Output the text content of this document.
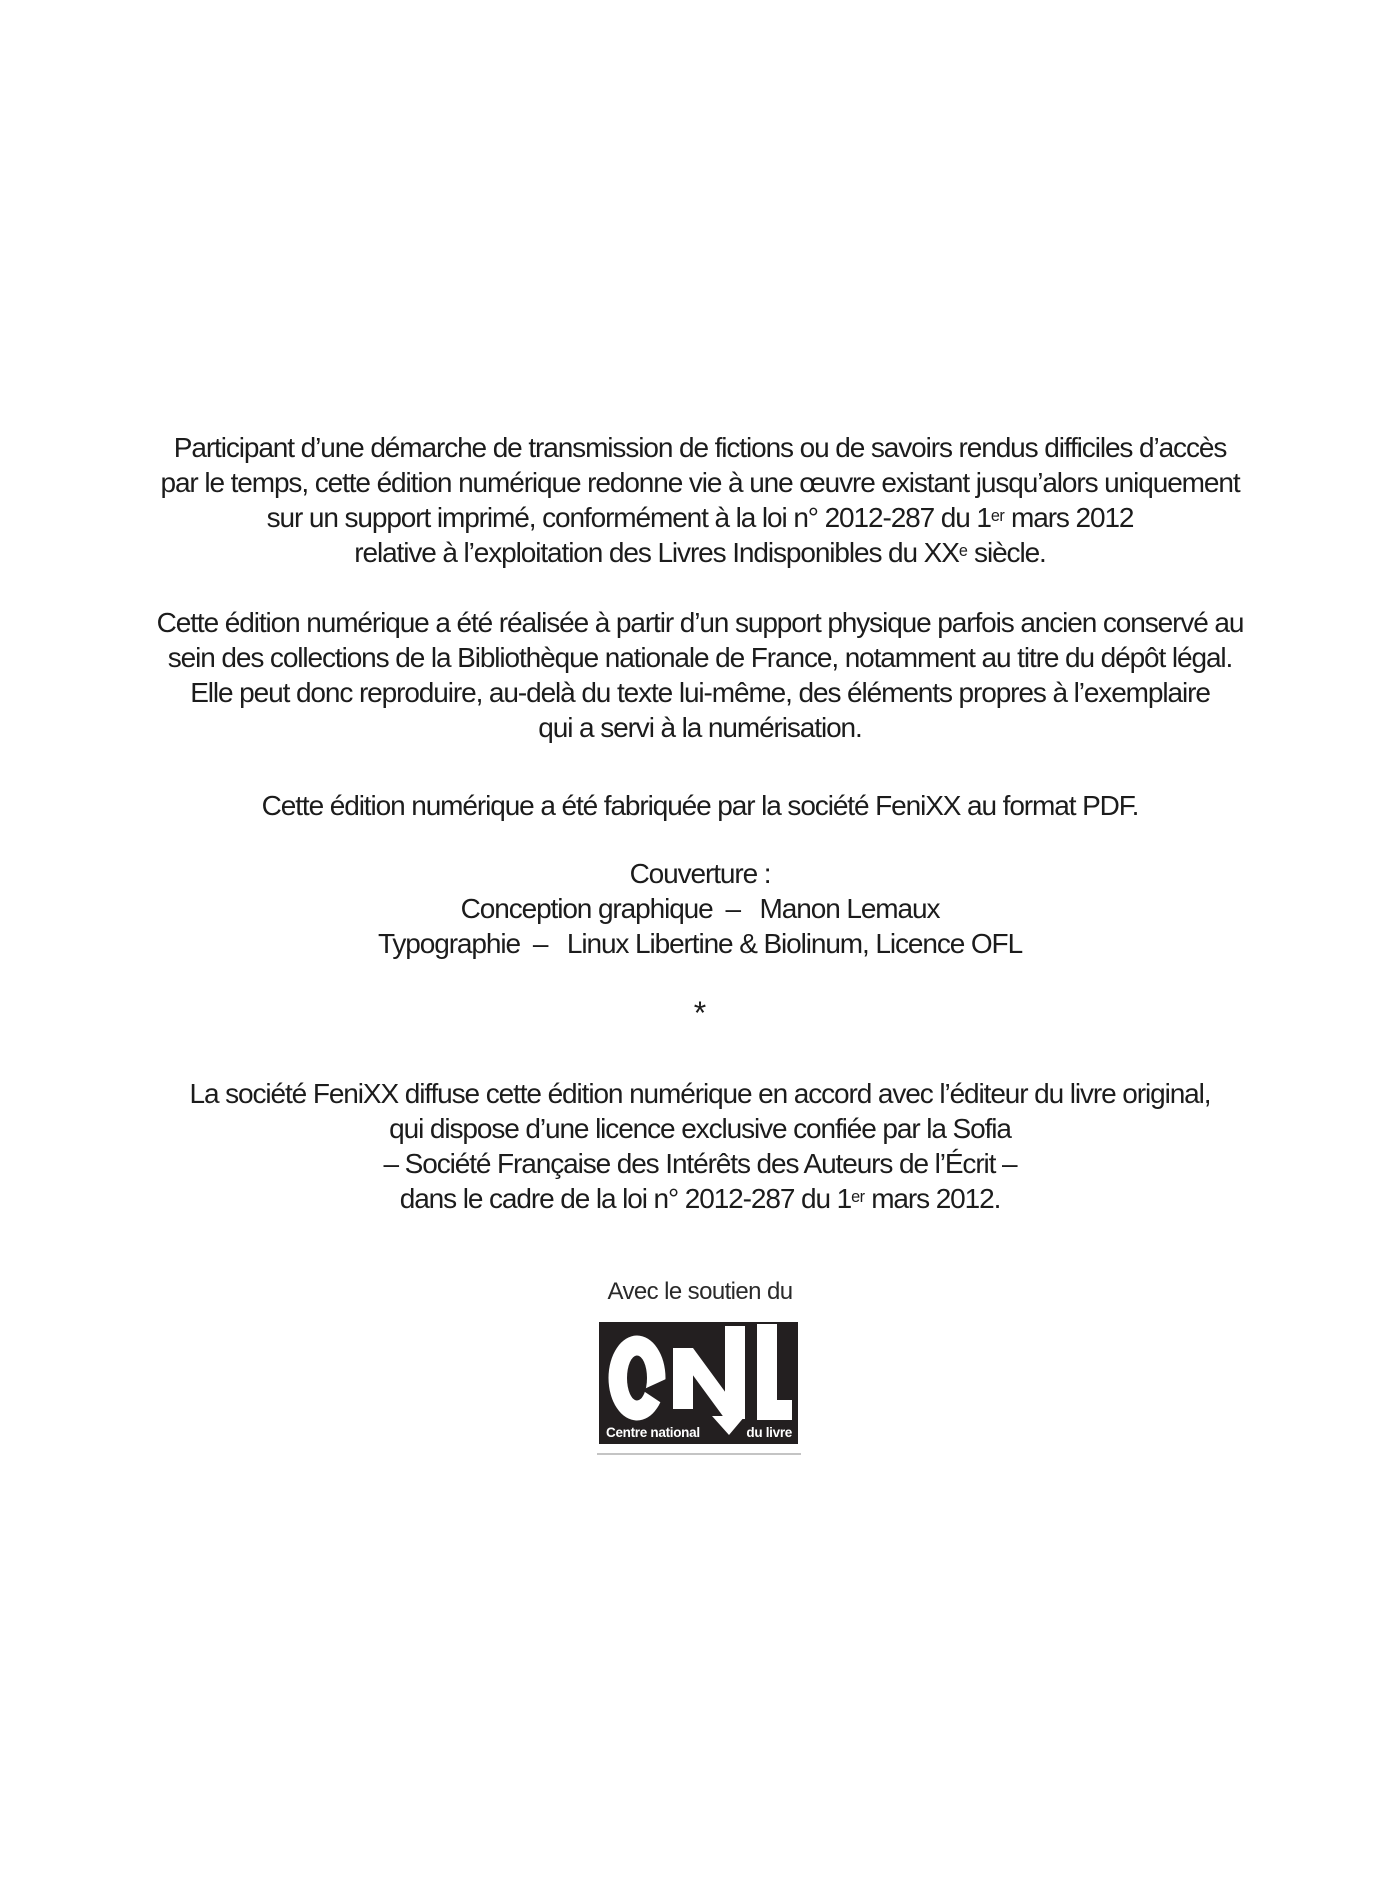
Participant d’une démarche de transmission de fictions ou de savoirs rendus difficiles d’accès
par le temps, cette édition numérique redonne vie à une œuvre existant jusqu’alors uniquement
sur un support imprimé, conformément à la loi n° 2012-287 du 1er mars 2012
relative à l’exploitation des Livres Indisponibles du XXe siècle.
Cette édition numérique a été réalisée à partir d’un support physique parfois ancien conservé au
sein des collections de la Bibliothèque nationale de France, notamment au titre du dépôt légal.
Elle peut donc reproduire, au-delà du texte lui-même, des éléments propres à l’exemplaire
qui a servi à la numérisation.
Cette édition numérique a été fabriquée par la société FeniXX au format PDF.
Couverture :
Conception graphique –  Manon Lemaux
Typographie –  Linux Libertine & Biolinum, Licence OFL
*
La société FeniXX diffuse cette édition numérique en accord avec l’éditeur du livre original,
qui dispose d’une licence exclusive confiée par la Sofia
– Société Française des Intérêts des Auteurs de l’Écrit –
dans le cadre de la loi n° 2012-287 du 1er mars 2012.
Avec le soutien du
Centre national	du livre
